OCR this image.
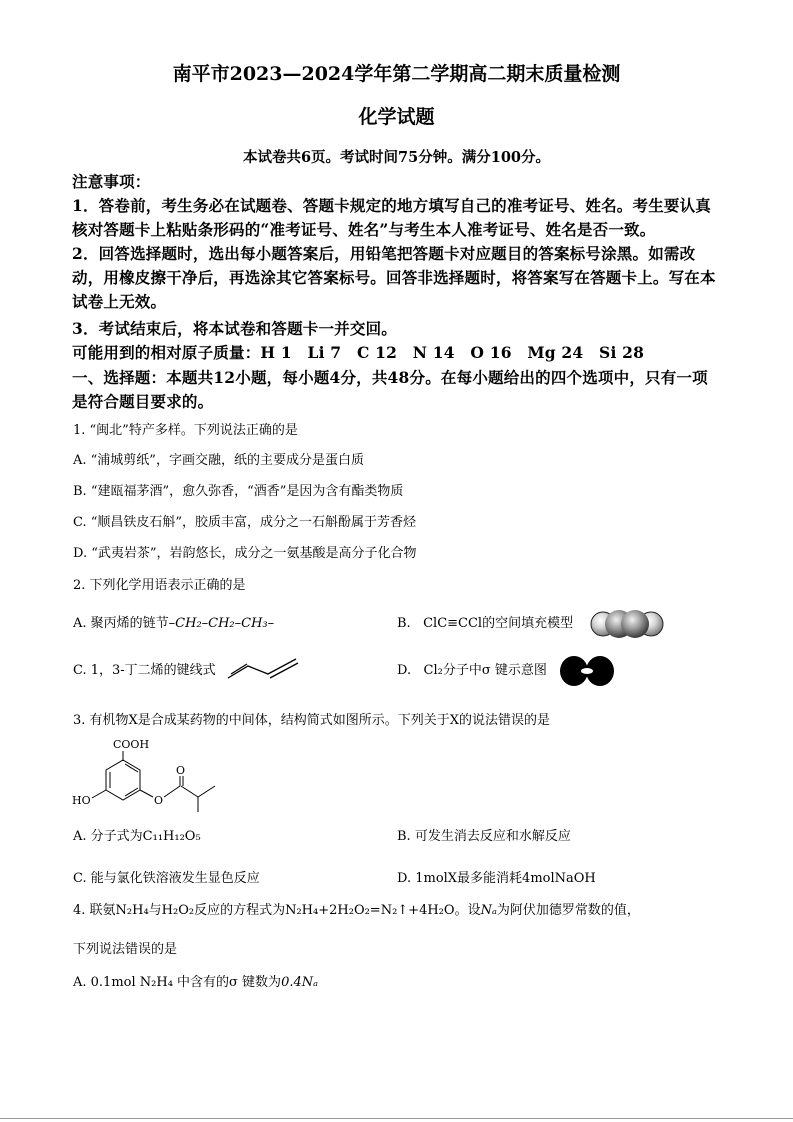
南平市2023—2024学年第二学期高二期末质量检测
化学试题
本试卷共6页。考试时间75分钟。满分100分。
注意事项：
1．答卷前，考生务必在试题卷、答题卡规定的地方填写自己的准考证号、姓名。考生要认真核对答题卡上粘贴条形码的“准考证号、姓名”与考生本人准考证号、姓名是否一致。
2．回答选择题时，选出每小题答案后，用铅笔把答题卡对应题目的答案标号涂黑。如需改动，用橡皮擦干净后，再选涂其它答案标号。回答非选择题时，将答案写在答题卡上。写在本试卷上无效。
3．考试结束后，将本试卷和答题卡一并交回。
可能用到的相对原子质量：H 1　Li 7　C 12　N 14　O 16　Mg 24　Si 28
一、选择题：本题共12小题，每小题4分，共48分。在每小题给出的四个选项中，只有一项是符合题目要求的。
1. “闽北”特产多样。下列说法正确的是
A. “浦城剪纸”，字画交融，纸的主要成分是蛋白质
B. “建瓯福茅酒”，愈久弥香，“酒香”是因为含有酯类物质
C. “顺昌铁皮石斛”，胶质丰富，成分之一石斛酚属于芳香烃
D. “武夷岩茶”，岩韵悠长，成分之一氨基酸是高分子化合物
2. 下列化学用语表示正确的是
A. 聚丙烯的链节–CH₂–CH₂–CH₃–	B. ClC≡CCl的空间填充模型
C. 1，3-丁二烯的键线式	D. Cl₂分子中σ 键示意图
3. 有机物X是合成某药物的中间体，结构简式如图所示。下列关于X的说法错误的是
COOH
HO	O
O
A. 分子式为C₁₁H₁₂O₅	B. 可发生消去反应和水解反应
C. 能与氯化铁溶液发生显色反应	D. 1molX最多能消耗4molNaOH
4. 联氨N₂H₄与H₂O₂反应的方程式为N₂H₄+2H₂O₂=N₂↑+4H₂O。设Nₐ为阿伏加德罗常数的值，
下列说法错误的是
A. 0.1mol N₂H₄ 中含有的σ 键数为0.4Nₐ
